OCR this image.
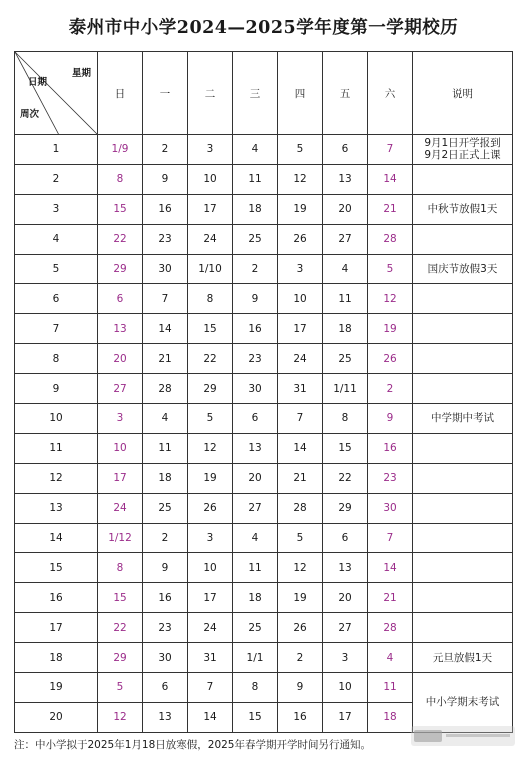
泰州市中小学2024—2025学年度第一学期校历
星期
日期
周次	日	一	二	三	四	五	六	说明
1	1/9	2	3	4	5	6	7	9月1日开学报到
9月2日正式上课

2	8	9	10	11	12	13	14	
3	15	16	17	18	19	20	21	中秋节放假1天
4	22	23	24	25	26	27	28	
5	29	30	1/10	2	3	4	5	国庆节放假3天
6	6	7	8	9	10	11	12	
7	13	14	15	16	17	18	19	
8	20	21	22	23	24	25	26	
9	27	28	29	30	31	1/11	2	
10	3	4	5	6	7	8	9	中学期中考试
11	10	11	12	13	14	15	16	
12	17	18	19	20	21	22	23	
13	24	25	26	27	28	29	30	
14	1/12	2	3	4	5	6	7	
15	8	9	10	11	12	13	14	
16	15	16	17	18	19	20	21	
17	22	23	24	25	26	27	28	
18	29	30	31	1/1	2	3	4	元旦放假1天
19	5	6	7	8	9	10	11	中小学期末考试
20	12	13	14	15	16	17	18	
注：中小学拟于2025年1月18日放寒假，2025年春学期开学时间另行通知。
